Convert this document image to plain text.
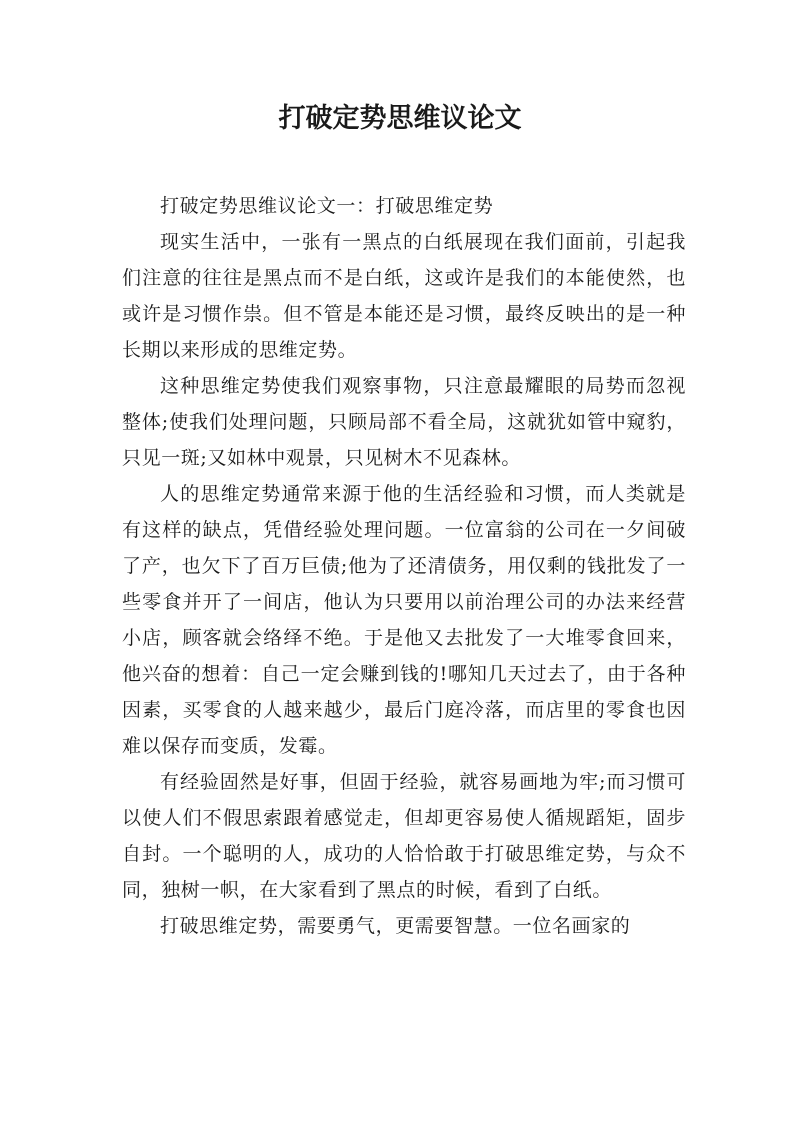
打破定势思维议论文

打破定势思维议论文一：打破思维定势

现实生活中，一张有一黑点的白纸展现在我们面前，引起我们注意的往往是黑点而不是白纸，这或许是我们的本能使然，也或许是习惯作祟。但不管是本能还是习惯，最终反映出的是一种长期以来形成的思维定势。

这种思维定势使我们观察事物，只注意最耀眼的局势而忽视整体;使我们处理问题，只顾局部不看全局，这就犹如管中窥豹，只见一斑;又如林中观景，只见树木不见森林。

人的思维定势通常来源于他的生活经验和习惯，而人类就是有这样的缺点，凭借经验处理问题。一位富翁的公司在一夕间破了产，也欠下了百万巨债;他为了还清债务，用仅剩的钱批发了一些零食并开了一间店，他认为只要用以前治理公司的办法来经营小店，顾客就会络绎不绝。于是他又去批发了一大堆零食回来，他兴奋的想着：自己一定会赚到钱的!哪知几天过去了，由于各种因素，买零食的人越来越少，最后门庭冷落，而店里的零食也因难以保存而变质，发霉。

有经验固然是好事，但固于经验，就容易画地为牢;而习惯可以使人们不假思索跟着感觉走，但却更容易使人循规蹈矩，固步自封。一个聪明的人，成功的人恰恰敢于打破思维定势，与众不同，独树一帜，在大家看到了黑点的时候，看到了白纸。

打破思维定势，需要勇气，更需要智慧。一位名画家的
